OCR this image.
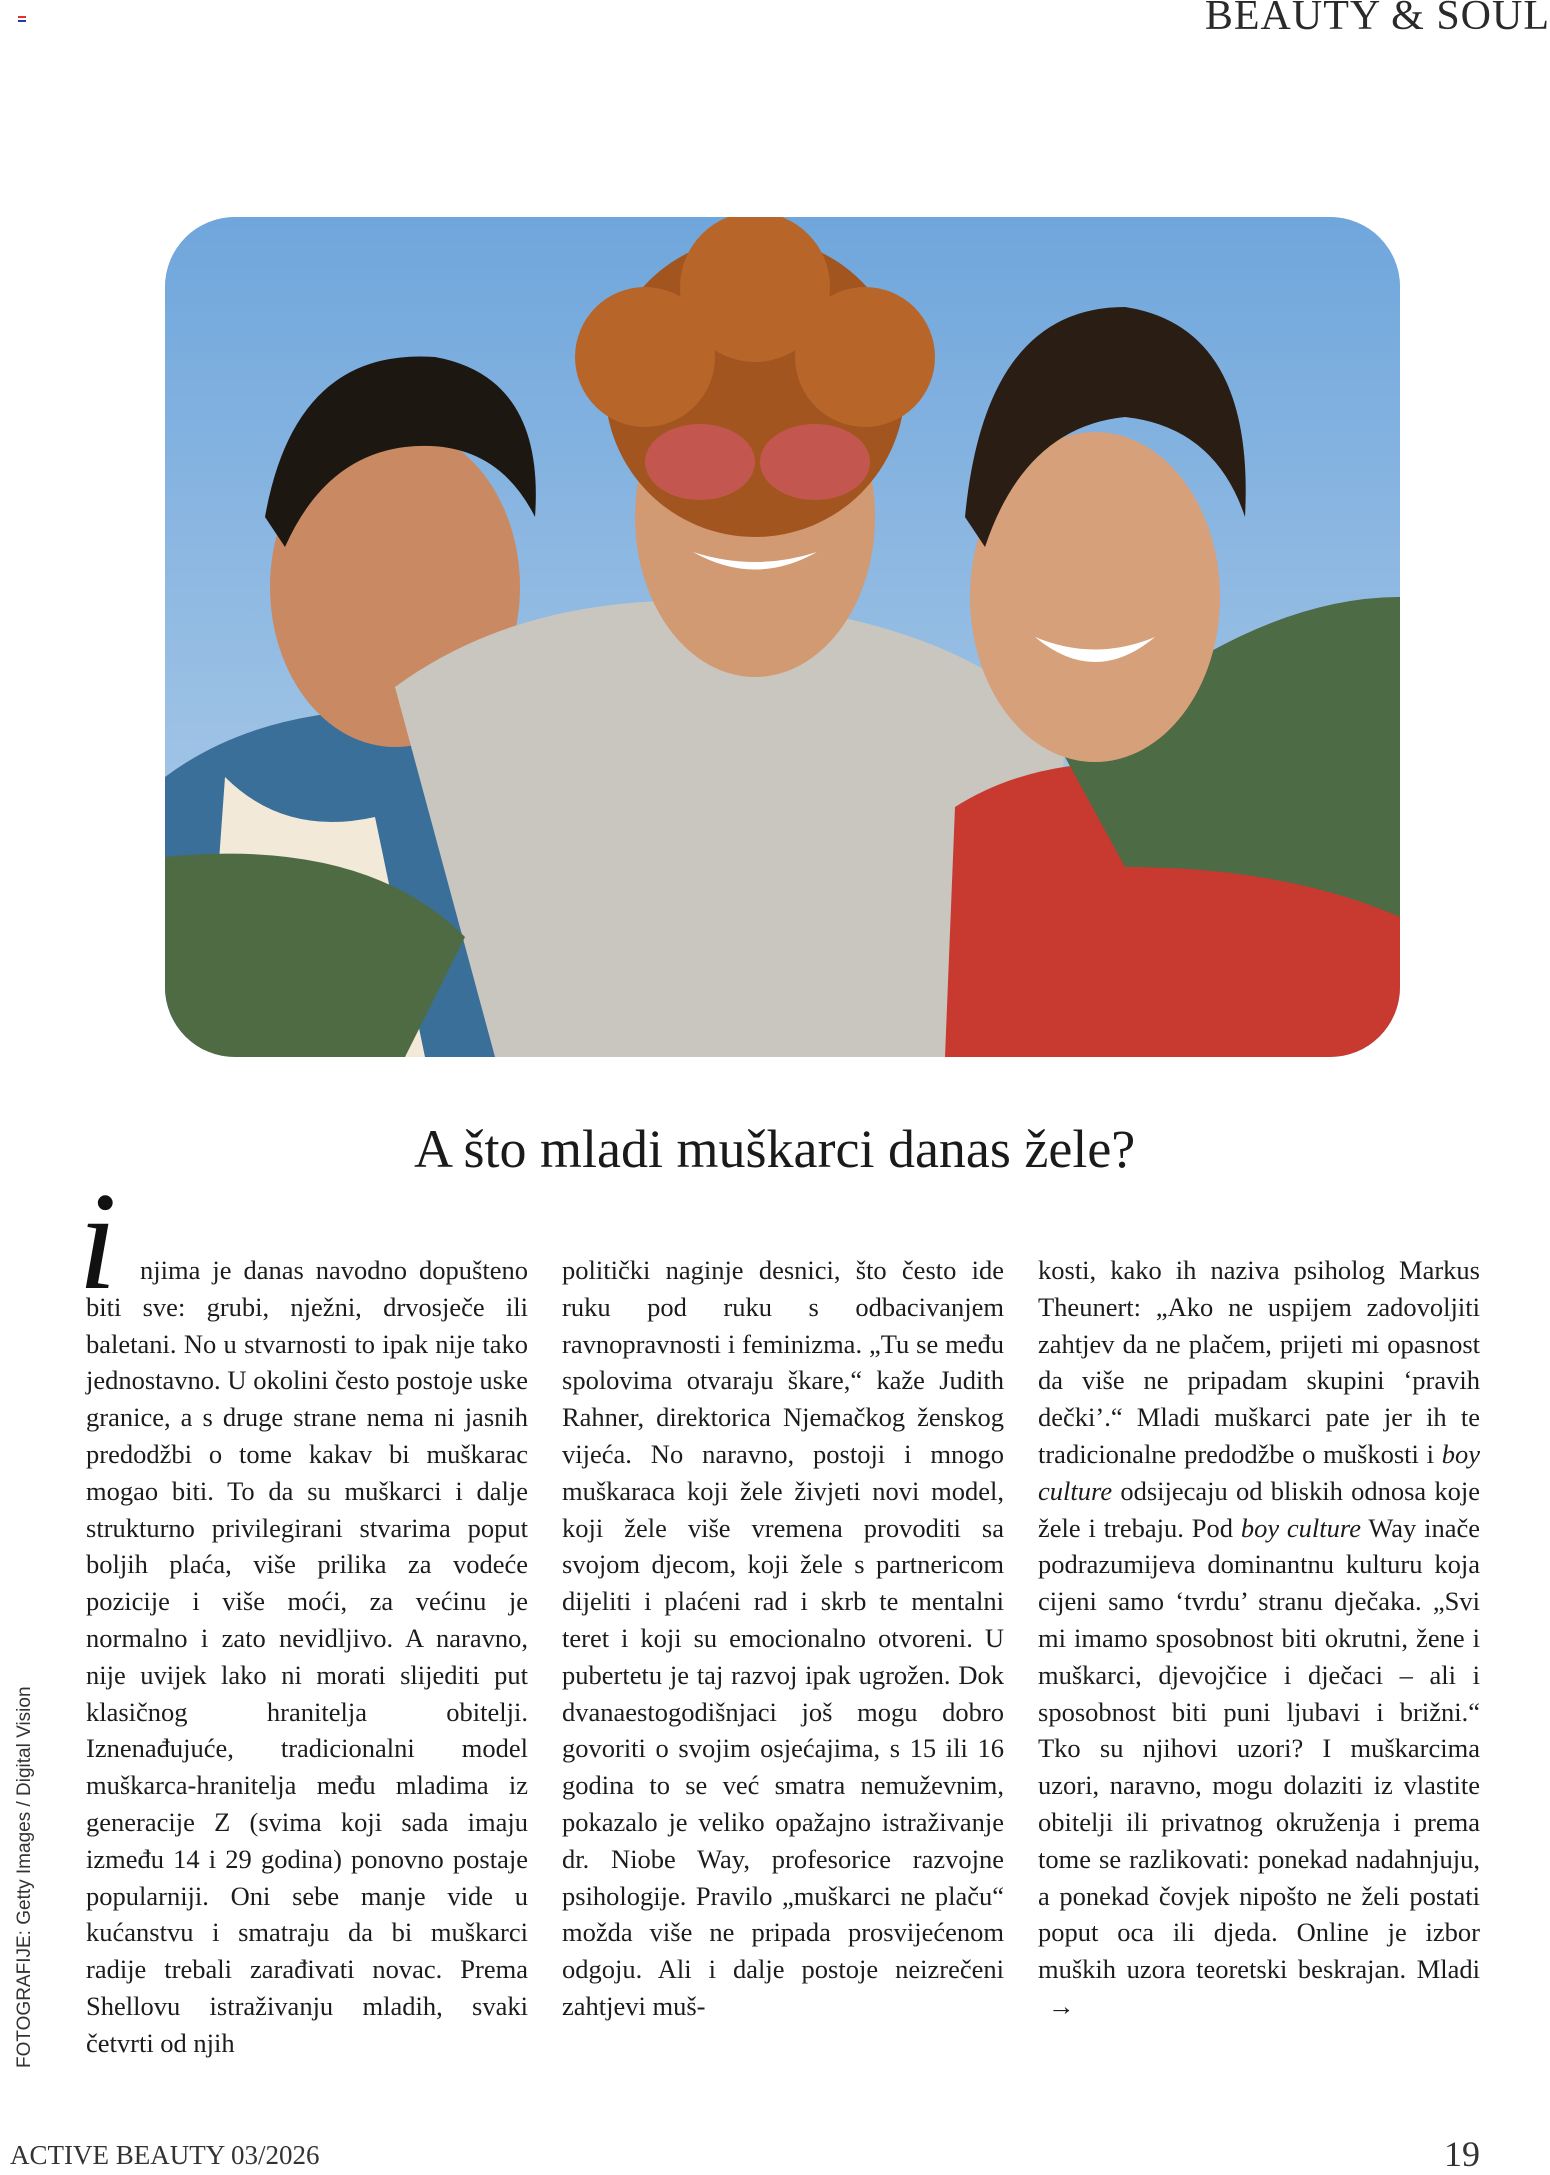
BEAUTY & SOUL
FOTOGRAFIJE: Getty Images / Digital Vision
A što mladi muškarci danas žele?
i njima je danas navodno dopušteno biti sve: grubi, nježni, drvosječe ili baletani. No u stvarnosti to ipak nije tako jednostavno. U okolini često postoje uske granice, a s druge strane nema ni jasnih predodžbi o tome kakav bi muškarac mogao biti. To da su muškarci i dalje strukturno privilegirani stvarima poput boljih plaća, više prilika za vodeće pozicije i više moći, za većinu je normalno i zato nevidljivo. A naravno, nije uvijek lako ni morati slijediti put klasičnog hranitelja obitelji. Iznenađujuće, tradicionalni model muškarca-hranitelja među mladima iz generacije Z (svima koji sada imaju između 14 i 29 godina) ponovno postaje popularniji. Oni sebe manje vide u kućanstvu i smatraju da bi muškarci radije trebali zarađivati novac. Prema Shellovu istraživanju mladih, svaki četvrti od njih

politički naginje desnici, što često ide ruku pod ruku s odbacivanjem ravnopravnosti i feminizma. „Tu se među spolovima otvaraju škare,“ kaže Judith Rahner, direktorica Njemačkog ženskog vijeća. No naravno, postoji i mnogo muškaraca koji žele živjeti novi model, koji žele više vremena provoditi sa svojom djecom, koji žele s partnericom dijeliti i plaćeni rad i skrb te mentalni teret i koji su emocionalno otvoreni. U pubertetu je taj razvoj ipak ugrožen. Dok dvanaestogodišnjaci još mogu dobro govoriti o svojim osjećajima, s 15 ili 16 godina to se već smatra nemuževnim, pokazalo je veliko opažajno istraživanje dr. Niobe Way, profesorice razvojne psihologije. Pravilo „muškarci ne plaču“ možda više ne pripada prosvijećenom odgoju. Ali i dalje postoje neizrečeni zahtjevi muš-

kosti, kako ih naziva psiholog Markus Theunert: „Ako ne uspijem zadovoljiti zahtjev da ne plačem, prijeti mi opasnost da više ne pripadam skupini ‘pravih dečki’.“ Mladi muškarci pate jer ih te tradicionalne predodžbe o muškosti i boy culture odsijecaju od bliskih odnosa koje žele i trebaju. Pod boy culture Way inače podrazumijeva dominantnu kulturu koja cijeni samo ‘tvrdu’ stranu dječaka. „Svi mi imamo sposobnost biti okrutni, žene i muškarci, djevojčice i dječaci – ali i sposobnost biti puni ljubavi i brižni.“ Tko su njihovi uzori? I muškarcima uzori, naravno, mogu dolaziti iz vlastite obitelji ili privatnog okruženja i prema tome se razlikovati: ponekad nadahnjuju, a ponekad čovjek nipošto ne želi postati poput oca ili djeda. Online je izbor muških uzora teoretski beskrajan. Mladi→

ACTIVE BEAUTY 03/2026	19
